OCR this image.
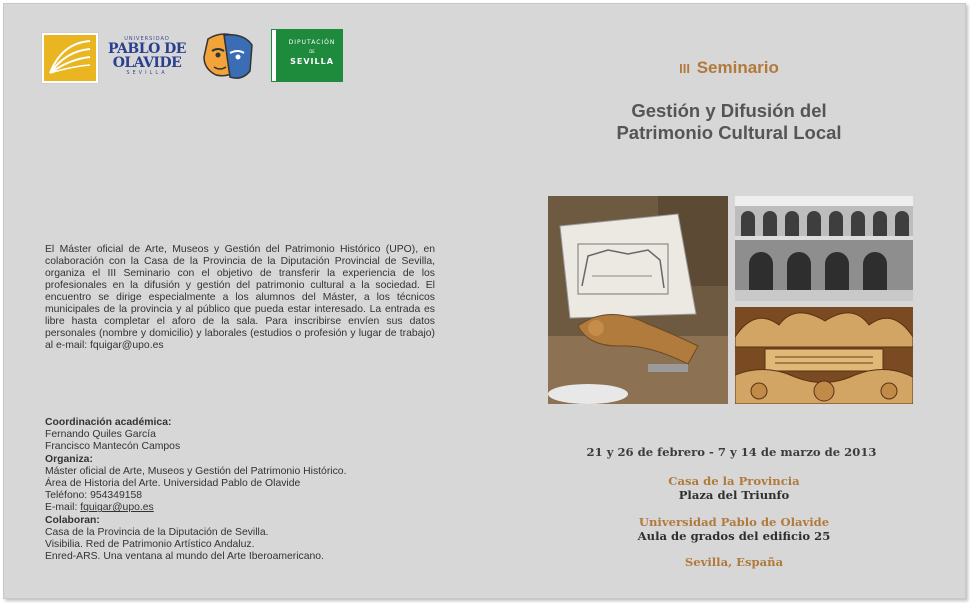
UNIVERSIDAD
PABLO DE
OLAVIDE
SEVILLA
DIPUTACIÓN
DE
SEVILLA

El Máster oficial de Arte, Museos y Gestión del Patrimonio Histórico (UPO), en colaboración con la Casa de la Provincia de la Diputación Provincial de Sevilla, organiza el III Seminario con el objetivo de transferir la experiencia de los profesionales en la difusión y gestión del patrimonio cultural a la sociedad. El encuentro se dirige especialmente a los alumnos del Máster, a los técnicos municipales de la provincia y al público que pueda estar interesado. La entrada es libre hasta completar el aforo de la sala. Para inscribirse envíen sus datos personales (nombre y domicilio) y laborales (estudios o profesión y lugar de trabajo) al e-mail: fquigar@upo.es

Coordinación académica:
Fernando Quiles García
Francisco Mantecón Campos
Organiza:
Máster oficial de Arte, Museos y Gestión del Patrimonio Histórico.
Área de Historia del Arte. Universidad Pablo de Olavide
Teléfono: 954349158
E-mail: fquigar@upo.es
Colaboran:
Casa de la Provincia de la Diputación de Sevilla.
Visibilia. Red de Patrimonio Artístico Andaluz.
Enred-ARS. Una ventana al mundo del Arte Iberoamericano.
III Seminario
Gestión y Difusión del
Patrimonio Cultural Local
21 y 26 de febrero - 7 y 14 de marzo de 2013
Casa de la Provincia
Plaza del Triunfo
Universidad Pablo de Olavide
Aula de grados del edificio 25
Sevilla, España
